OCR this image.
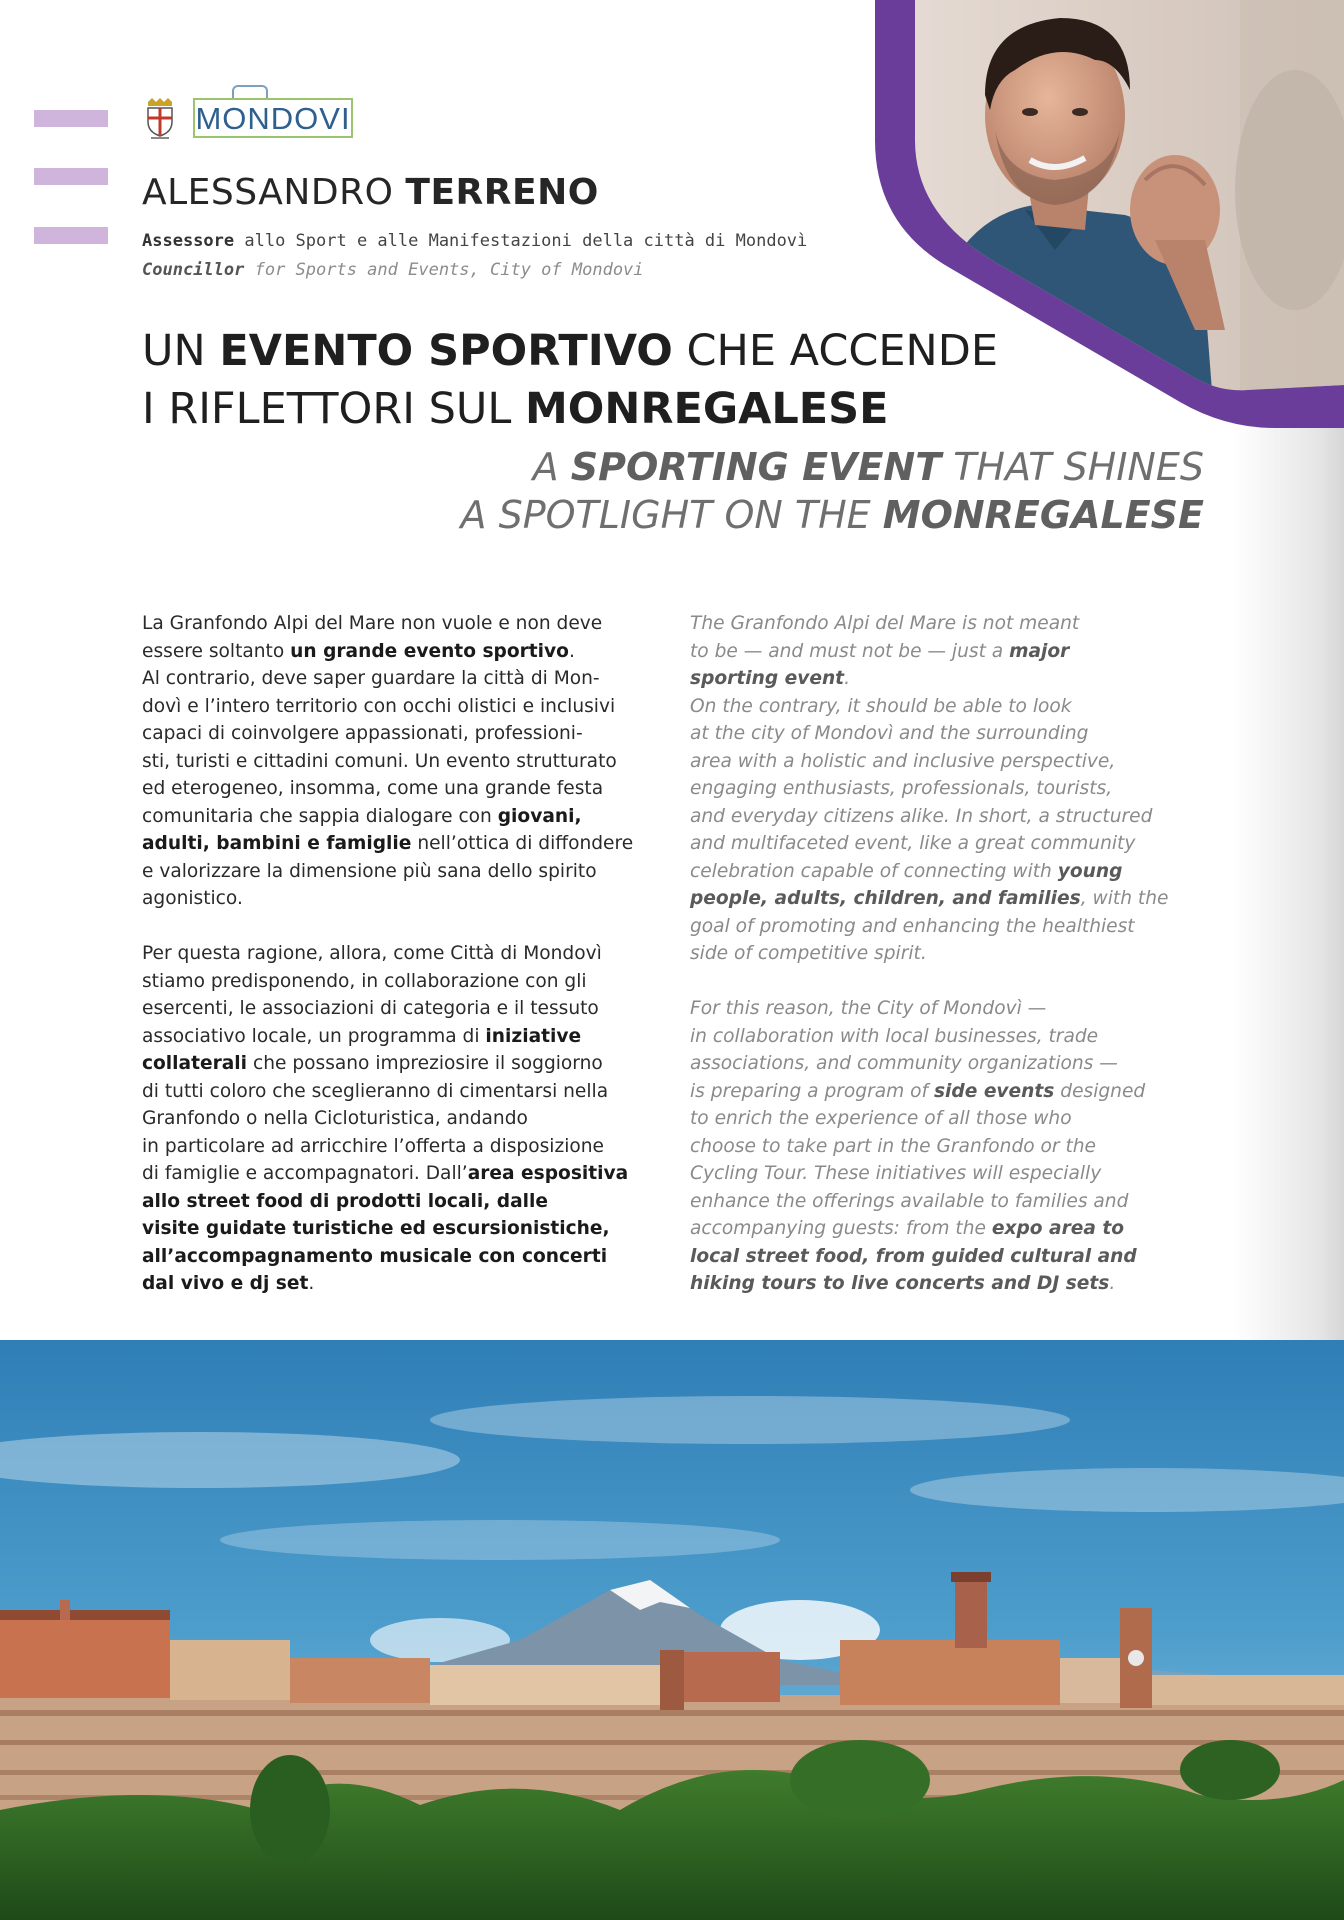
MONDOVI
ALESSANDRO TERRENO

Assessore allo Sport e alle Manifestazioni della città di Mondovì

Councillor for Sports and Events, City of Mondovi

UN EVENTO SPORTIVO CHE ACCENDE
I RIFLETTORI SUL MONREGALESE
A SPORTING EVENT THAT SHINES
A SPOTLIGHT ON THE MONREGALESE

La Granfondo Alpi del Mare non vuole e non deve
essere soltanto un grande evento sportivo.
Al contrario, deve saper guardare la città di Mon-
dovì e l’intero territorio con occhi olistici e inclusivi
capaci di coinvolgere appassionati, professioni-
sti, turisti e cittadini comuni. Un evento strutturato
ed eterogeneo, insomma, come una grande festa
comunitaria che sappia dialogare con giovani,
adulti, bambini e famiglie nell’ottica di diffondere
e valorizzare la dimensione più sana dello spirito
agonistico.

Per questa ragione, allora, come Città di Mondovì
stiamo predisponendo, in collaborazione con gli
esercenti, le associazioni di categoria e il tessuto
associativo locale, un programma di iniziative
collaterali che possano impreziosire il soggiorno
di tutti coloro che sceglieranno di cimentarsi nella
Granfondo o nella Cicloturistica, andando
in particolare ad arricchire l’offerta a disposizione
di famiglie e accompagnatori. Dall’area espositiva
allo street food di prodotti locali, dalle
visite guidate turistiche ed escursionistiche,
all’accompagnamento musicale con concerti
dal vivo e dj set.

The Granfondo Alpi del Mare is not meant
to be — and must not be — just a major
sporting event.
On the contrary, it should be able to look
at the city of Mondovì and the surrounding
area with a holistic and inclusive perspective,
engaging enthusiasts, professionals, tourists,
and everyday citizens alike. In short, a structured
and multifaceted event, like a great community
celebration capable of connecting with young
people, adults, children, and families, with the
goal of promoting and enhancing the healthiest
side of competitive spirit.

For this reason, the City of Mondovì —
in collaboration with local businesses, trade
associations, and community organizations —
is preparing a program of side events designed
to enrich the experience of all those who
choose to take part in the Granfondo or the
Cycling Tour. These initiatives will especially
enhance the offerings available to families and
accompanying guests: from the expo area to
local street food, from guided cultural and
hiking tours to live concerts and DJ sets.
